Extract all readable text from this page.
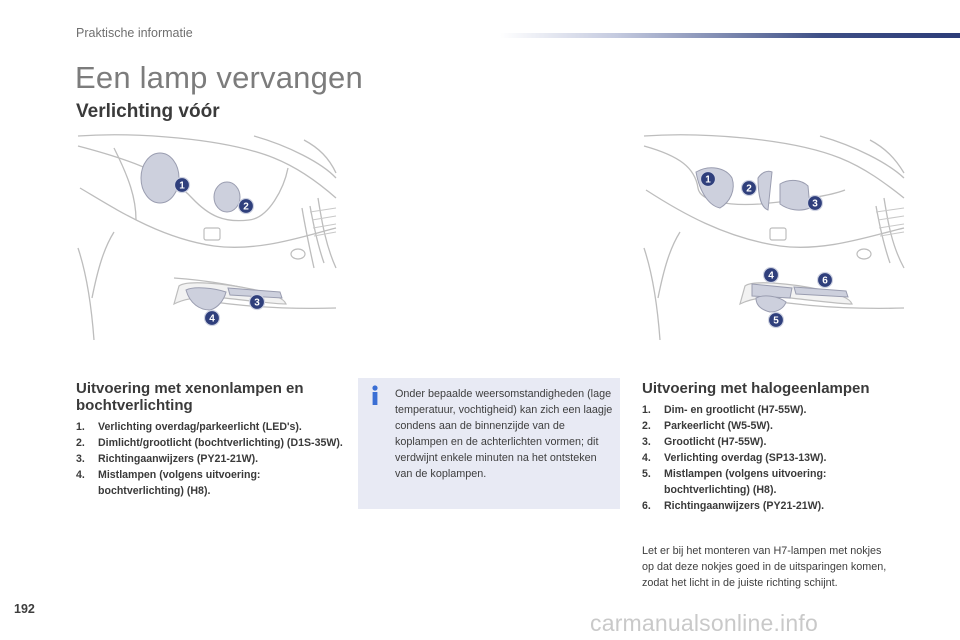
Praktische informatie
Een lamp vervangen
Verlichting vóór
1
2
3
4
1
2
3
4	6
5
Uitvoering met xenonlampen en bochtverlichting
1. Verlichting overdag/parkeerlicht (LED's).
2. Dimlicht/grootlicht (bochtverlichting) (D1S-35W).
3. Richtingaanwijzers (PY21-21W).
4. Mistlampen (volgens uitvoering: bochtverlichting) (H8).
Onder bepaalde weersomstandigheden (lage temperatuur, vochtigheid) kan zich een laagje condens aan de binnenzijde van de koplampen en de achterlichten vormen; dit verdwijnt enkele minuten na het ontsteken van de koplampen.
Uitvoering met halogeenlampen
1. Dim- en grootlicht (H7-55W).
2. Parkeerlicht (W5-5W).
3. Grootlicht (H7-55W).
4. Verlichting overdag (SP13-13W).
5. Mistlampen (volgens uitvoering: bochtverlichting) (H8).
6. Richtingaanwijzers (PY21-21W).
Let er bij het monteren van H7-lampen met nokjes op dat deze nokjes goed in de uitsparingen komen, zodat het licht in de juiste richting schijnt.
192
carmanualsonline.info
